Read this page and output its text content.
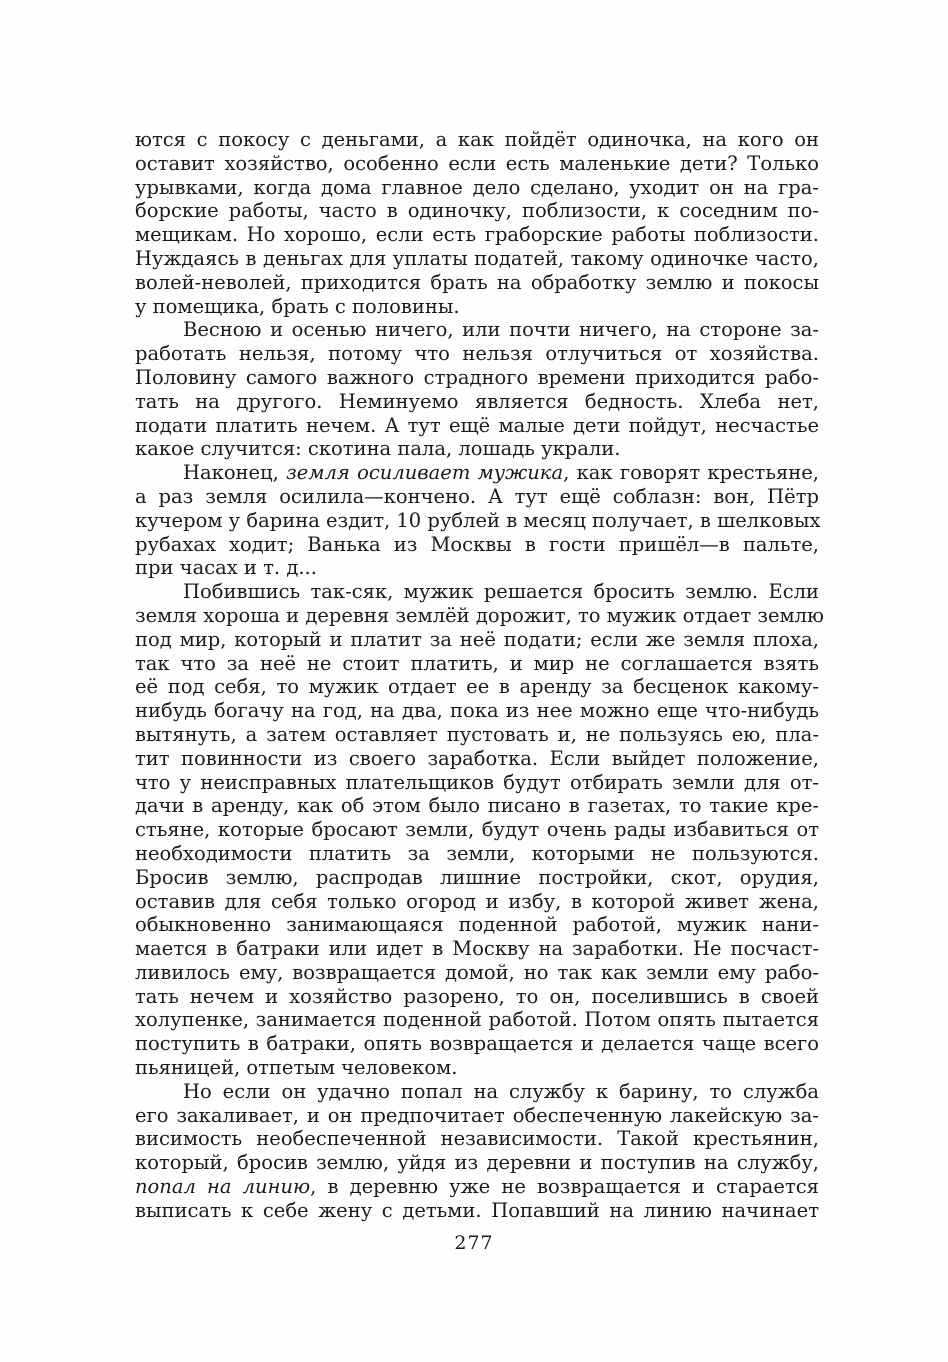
ются с покосу с деньгами, а как пойдёт одиночка, на кого он
оставит хозяйство, особенно если есть маленькие дети? Только
урывками, когда дома главное дело сделано, уходит он на гра-
борские работы, часто в одиночку, поблизости, к соседним по-
мещикам. Но хорошо, если есть граборские работы поблизости.
Нуждаясь в деньгах для уплаты податей, такому одиночке часто,
волей-неволей, приходится брать на обработку землю и покосы
у помещика, брать с половины.
Весною и осенью ничего, или почти ничего, на стороне за-
работать нельзя, потому что нельзя отлучиться от хозяйства.
Половину самого важного страдного времени приходится рабо-
тать на другого. Неминуемо является бедность. Хлеба нет,
подати платить нечем. А тут ещё малые дети пойдут, несчастье
какое случится: скотина пала, лошадь украли.
Наконец, земля осиливает мужика, как говорят крестьяне,
а раз земля осилила—кончено. А тут ещё соблазн: вон, Пётр
кучером у барина ездит, 10 рублей в месяц получает, в шелковых
рубахах ходит; Ванька из Москвы в гости пришёл—в пальте,
при часах и т. д...
Побившись так-сяк, мужик решается бросить землю. Если
земля хороша и деревня землёй дорожит, то мужик отдает землю
под мир, который и платит за неё подати; если же земля плоха,
так что за неё не стоит платить, и мир не соглашается взять
её под себя, то мужик отдает ее в аренду за бесценок какому-
нибудь богачу на год, на два, пока из нее можно еще что-нибудь
вытянуть, а затем оставляет пустовать и, не пользуясь ею, пла-
тит повинности из своего заработка. Если выйдет положение,
что у неисправных плательщиков будут отбирать земли для от-
дачи в аренду, как об этом было писано в газетах, то такие кре-
стьяне, которые бросают земли, будут очень рады избавиться от
необходимости платить за земли, которыми не пользуются.
Бросив землю, распродав лишние постройки, скот, орудия,
оставив для себя только огород и избу, в которой живет жена,
обыкновенно занимающаяся поденной работой, мужик нани-
мается в батраки или идет в Москву на заработки. Не посчаст-
ливилось ему, возвращается домой, но так как земли ему рабо-
тать нечем и хозяйство разорено, то он, поселившись в своей
холупенке, занимается поденной работой. Потом опять пытается
поступить в батраки, опять возвращается и делается чаще всего
пьяницей, отпетым человеком.
Но если он удачно попал на службу к барину, то служба
его закаливает, и он предпочитает обеспеченную лакейскую за-
висимость необеспеченной независимости. Такой крестьянин,
который, бросив землю, уйдя из деревни и поступив на службу,
попал на линию, в деревню уже не возвращается и старается
выписать к себе жену с детьми. Попавший на линию начинает
277
